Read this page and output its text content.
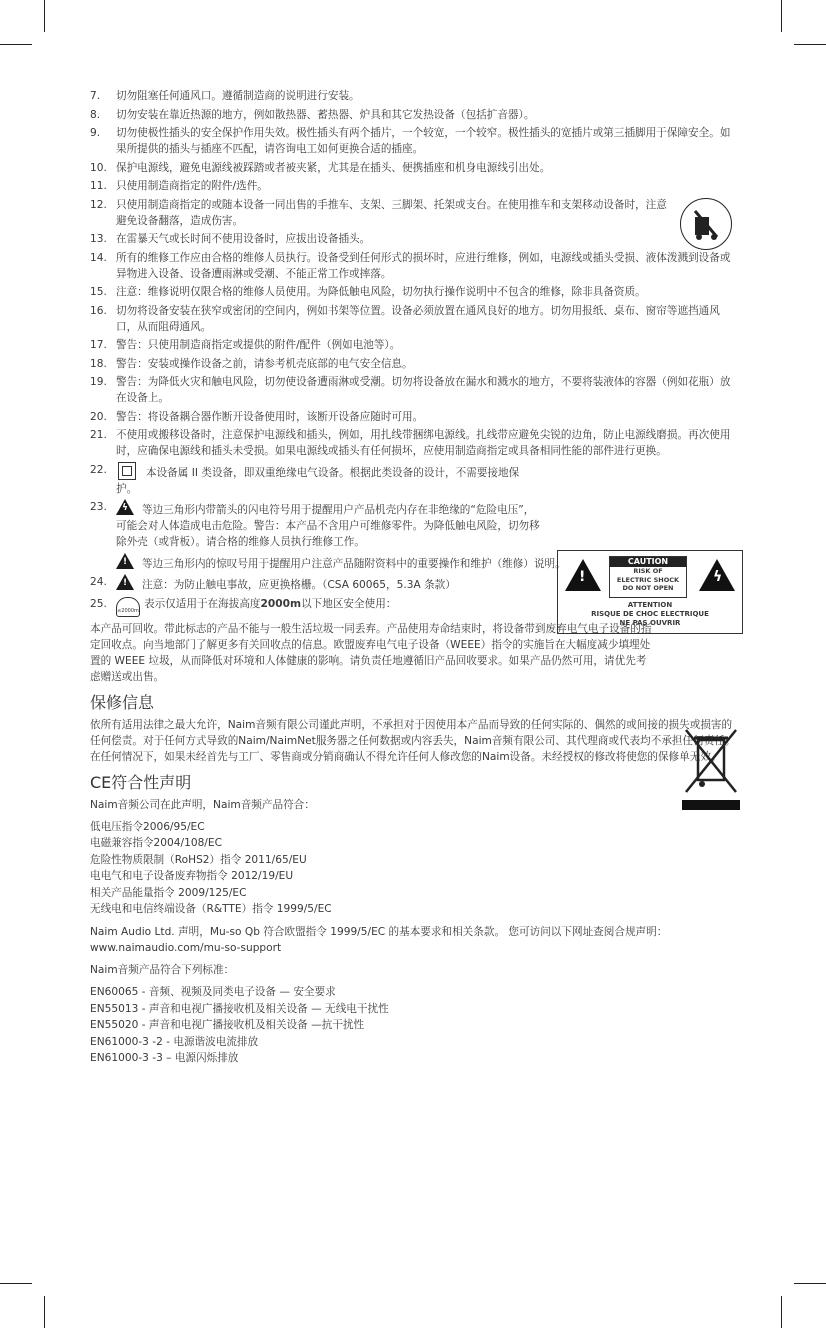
7. 切勿阻塞任何通风口。遵循制造商的说明进行安装。
8. 切勿安装在靠近热源的地方，例如散热器、蓄热器、炉具和其它发热设备（包括扩音器）。
9. 切勿使极性插头的安全保护作用失效。极性插头有两个插片，一个较宽，一个较窄。极性插头的宽插片或第三插脚用于保障安全。如果所提供的插头与插座不匹配，请咨询电工如何更换合适的插座。
10. 保护电源线，避免电源线被踩踏或者被夹紧，尤其是在插头、便携插座和机身电源线引出处。
11. 只使用制造商指定的附件/选件。
12. 只使用制造商指定的或随本设备一同出售的手推车、支架、三脚架、托架或支台。在使用推车和支架移动设备时，注意避免设备翻落，造成伤害。
13. 在雷暴天气或长时间不使用设备时，应拔出设备插头。
14. 所有的维修工作应由合格的维修人员执行。设备受到任何形式的损坏时，应进行维修，例如，电源线或插头受损、液体泼溅到设备或异物进入设备、设备遭雨淋或受潮、不能正常工作或摔落。
15. 注意：维修说明仅限合格的维修人员使用。为降低触电风险，切勿执行操作说明中不包含的维修，除非具备资质。
16. 切勿将设备安装在狭窄或密闭的空间内，例如书架等位置。设备必须放置在通风良好的地方。切勿用报纸、桌布、窗帘等遮挡通风口，从而阻碍通风。
17. 警告：只使用制造商指定或提供的附件/配件（例如电池等）。
18. 警告：安装或操作设备之前，请参考机壳底部的电气安全信息。
19. 警告：为降低火灾和触电风险，切勿使设备遭雨淋或受潮。切勿将设备放在漏水和溅水的地方，不要将装液体的容器（例如花瓶）放在设备上。
20. 警告：将设备耦合器作断开设备使用时，该断开设备应随时可用。
21. 不使用或搬移设备时，注意保护电源线和插头，例如，用扎线带捆绑电源线。扎线带应避免尖锐的边角，防止电源线磨损。再次使用时，应确保电源线和插头未受损。如果电源线或插头有任何损坏，应使用制造商指定或具备相同性能的部件进行更换。
22.	本设备属 II 类设备，即双重绝缘电气设备。根据此类设备的设计，不需要接地保护。
23. ϟ 等边三角形内带箭头的闪电符号用于提醒用户产品机壳内存在非绝缘的“危险电压”，可能会对人体造成电击危险。警告：本产品不含用户可维修零件。为降低触电风险，切勿移除外壳（或背板）。请合格的维修人员执行维修工作。
! 等边三角形内的惊叹号用于提醒用户注意产品随附资料中的重要操作和维护（维修）说明。
24. ! 注意：为防止触电事故，应更换格栅。（CSA 60065，5.3A 条款）
25.
≤2000m表示仅适用于在海拔高度2000m以下地区安全使用：
本产品可回收。带此标志的产品不能与一般生活垃圾一同丢弃。产品使用寿命结束时，将设备带到废弃电气电子设备的指定回收点。向当地部门了解更多有关回收点的信息。欧盟废弃电气电子设备（WEEE）指令的实施旨在大幅度减少填埋处置的 WEEE 垃圾，从而降低对环境和人体健康的影响。请负责任地遵循旧产品回收要求。如果产品仍然可用，请优先考虑赠送或出售。
保修信息
依所有适用法律之最大允许，Naim音频有限公司谨此声明，不承担对于因使用本产品而导致的任何实际的、偶然的或间接的损失或损害的任何偿责。对于任何方式导致的Naim/NaimNet服务器之任何数据或内容丢失，Naim音频有限公司、其代理商或代表均不承担任何责任。在任何情况下，如果未经首先与工厂、零售商或分销商确认不得允许任何人修改您的Naim设备。未经授权的修改将使您的保修单无效。
CE符合性声明
Naim音频公司在此声明，Naim音频产品符合：
低电压指令2006/95/EC
电磁兼容指令2004/108/EC
危险性物质限制（RoHS2）指令 2011/65/EU
电电气和电子设备废弃物指令 2012/19/EU
相关产品能量指令 2009/125/EC
无线电和电信终端设备（R&TTE）指令 1999/5/EC
Naim Audio Ltd. 声明，Mu-so Qb 符合欧盟指令 1999/5/EC 的基本要求和相关条款。 您可访问以下网址查阅合规声明：www.naimaudio.com/mu-so-support
Naim音频产品符合下列标准：
EN60065 - 音频、视频及同类电子设备 — 安全要求
EN55013 - 声音和电视广播接收机及相关设备 — 无线电干扰性
EN55020 - 声音和电视广播接收机及相关设备 —抗干扰性
EN61000-3 -2 - 电源谐波电流排放
EN61000-3 -3 – 电源闪烁排放
!
CAUTION
RISK OF
ELECTRIC SHOCK
DO NOT OPEN
ϟ
ATTENTION
RISQUE DE CHOC ELECTRIQUE
NE PAS OUVRIR
